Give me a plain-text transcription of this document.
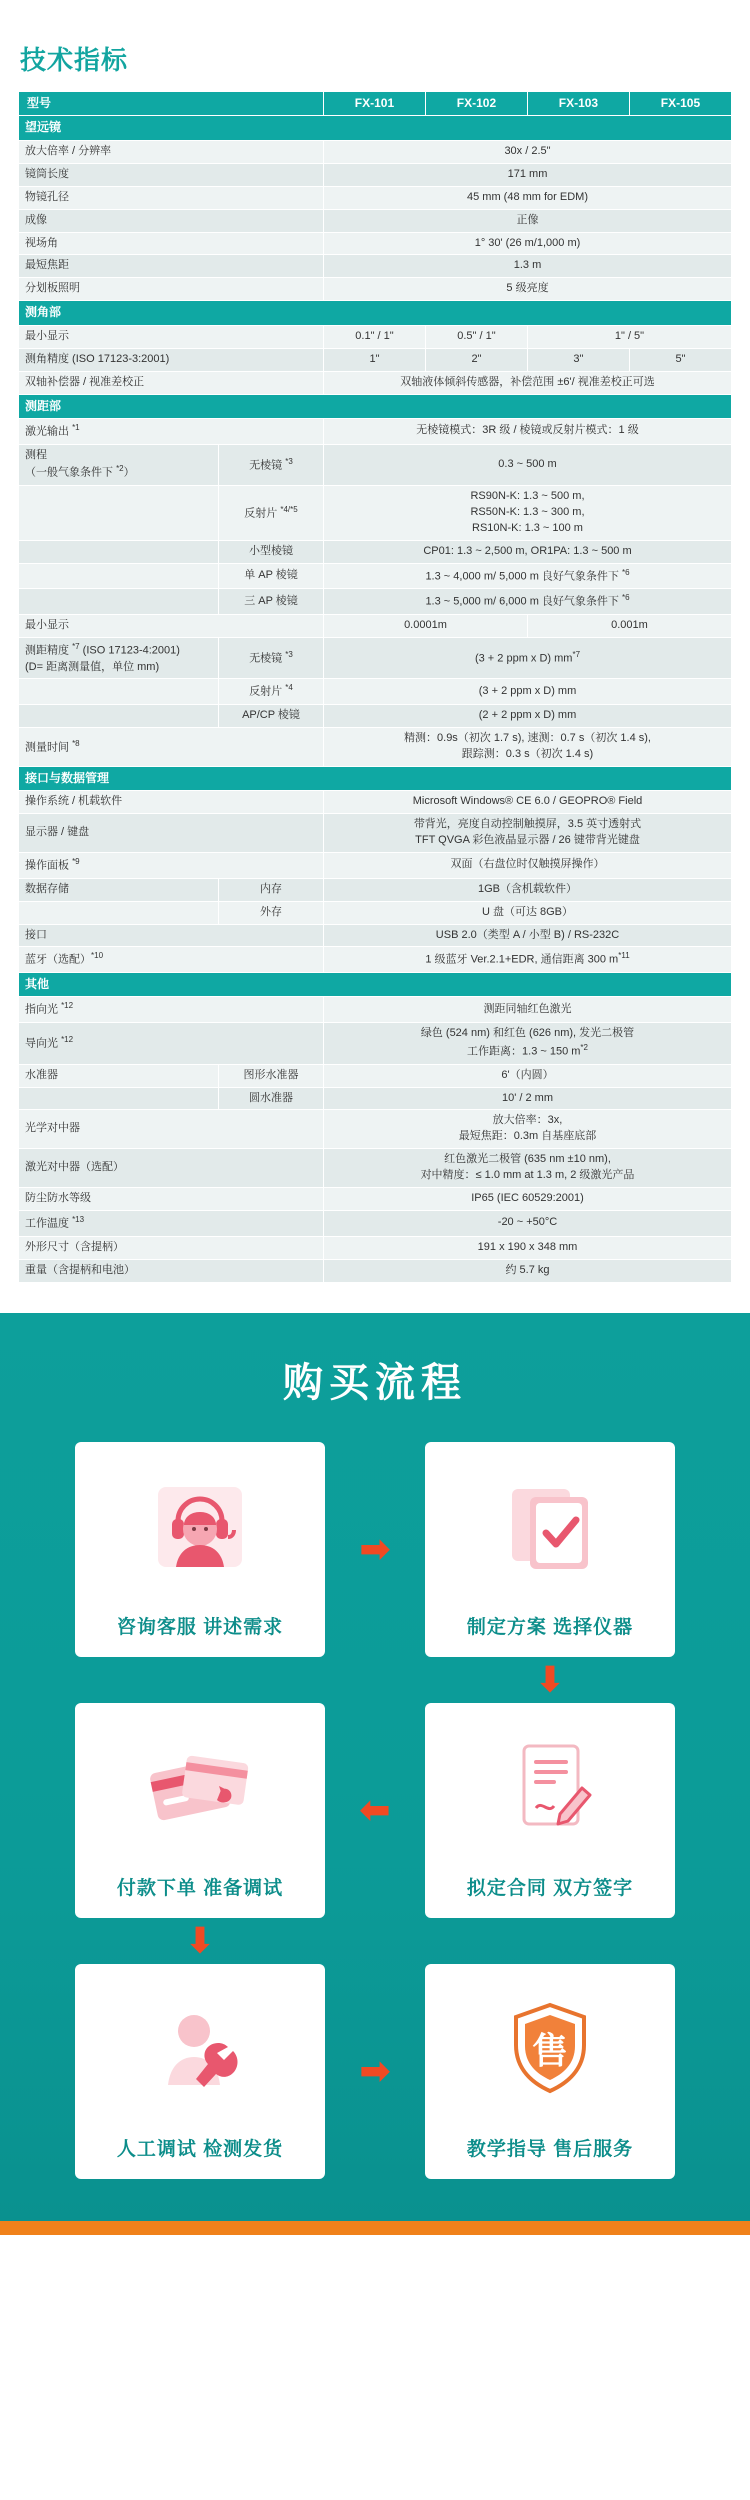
技术指标
型号		FX-101	FX-102	FX-103	FX-105
望远镜					
放大倍率 / 分辨率		30x / 2.5"			
镜筒长度		171 mm			
物镜孔径		45 mm (48 mm for EDM)			
成像		正像			
视场角		1° 30' (26 m/1,000 m)			
最短焦距		1.3 m			
分划板照明		5 级亮度			
测角部					
最小显示		0.1" / 1"	0.5" / 1"	1" / 5"	
测角精度 (ISO 17123-3:2001)		1"	2"	3"	5"
双轴补偿器 / 视准差校正		双轴液体倾斜传感器，补偿范围 ±6'/ 视准差校正可选			
测距部					
激光输出 $^{*1}$		无棱镜模式：3R 级 / 棱镜或反射片模式：1 级			
测程
（一般气象条件下 $^{*2}$）	无棱镜 $^{*3}$	0.3 ~ 500 m			
	反射片 $^{*4/*5}$	RS90N-K: 1.3 ~ 500 m,
RS50N-K: 1.3 ~ 300 m,
RS10N-K: 1.3 ~ 100 m			
	小型棱镜	CP01: 1.3 ~ 2,500 m, OR1PA: 1.3 ~ 500 m			
	单 AP 棱镜	1.3 ~ 4,000 m/ 5,000 m 良好气象条件下 $^{*6}$
	三 AP 棱镜	1.3 ~ 5,000 m/ 6,000 m 良好气象条件下 $^{*6}$
最小显示		0.0001m		0.001m	
测距精度 $^{*7}$ (ISO 17123-4:2001)
(D= 距离测量值，单位 mm)	无棱镜 $^{*3}$	(3 + 2 ppm x D) $mm^{*7}$
	反射片 $^{*4}$	(3 + 2 ppm x D) mm			
	AP/CP 棱镜	(2 + 2 ppm x D) mm			
测量时间 $^{*8}$		精测：0.9s（初次 1.7 s), 速测：0.7 s（初次 1.4 s),
跟踪测：0.3 s（初次 1.4 s)			
接口与数据管理					
操作系统 / 机载软件		Microsoft Windows® CE 6.0 / GEOPRO® Field			
显示器 / 键盘		带背光，亮度自动控制触摸屏，3.5 英寸透射式
TFT QVGA 彩色液晶显示器 / 26 键带背光键盘			
操作面板 $^{*9}$		双面（右盘位时仅触摸屏操作）			
数据存储	内存	1GB（含机载软件）			
	外存	U 盘（可达 8GB）			
接口		USB 2.0（类型 A / 小型 B) / RS-232C			
蓝牙（选配）$^{*10}$		1 级蓝牙 Ver.2.1+EDR, 通信距离 300 $m^{*11}$
其他					
指向光 $^{*12}$		测距同轴红色激光			
导向光 $^{*12}$		绿色 (524 nm) 和红色 (626 nm), 发光二极管
工作距离：1.3 ~ 150 $m^{*2}$
水准器	图形水准器	6'（内圆）			
	圆水准器	10' / 2 mm			
光学对中器		放大倍率：3x,
最短焦距：0.3m 自基座底部			
激光对中器（选配）		红色激光二极管 (635 nm ±10 nm),
对中精度：≤ 1.0 mm at 1.3 m, 2 级激光产品			
防尘防水等级		IP65 (IEC 60529:2001)			
工作温度 $^{*13}$		-20 ~ +50°C			
外形尺寸（含提柄）		191 x 190 x 348 mm			
重量（含提柄和电池）		约 5.7 kg			
购买流程
咨询客服 讲述需求
➡
制定方案 选择仪器
⬇
付款下单 准备调试
⬅
拟定合同 双方签字
⬇
人工调试 检测发货
➡	售
教学指导 售后服务
